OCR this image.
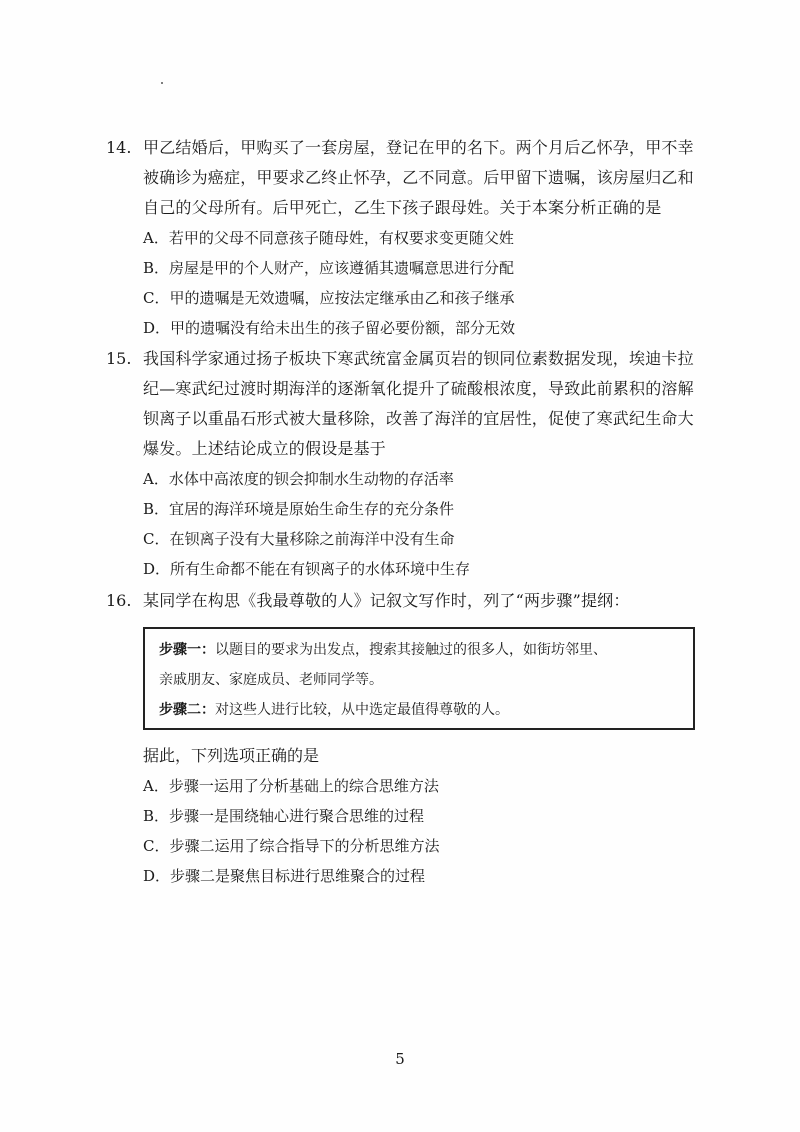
14. 甲乙结婚后，甲购买了一套房屋，登记在甲的名下。两个月后乙怀孕，甲不幸
被确诊为癌症，甲要求乙终止怀孕，乙不同意。后甲留下遗嘱，该房屋归乙和
自己的父母所有。后甲死亡，乙生下孩子跟母姓。关于本案分析正确的是
A．若甲的父母不同意孩子随母姓，有权要求变更随父姓
B．房屋是甲的个人财产，应该遵循其遗嘱意思进行分配
C．甲的遗嘱是无效遗嘱，应按法定继承由乙和孩子继承
D．甲的遗嘱没有给未出生的孩子留必要份额，部分无效
15. 我国科学家通过扬子板块下寒武统富金属页岩的钡同位素数据发现，埃迪卡拉
纪—寒武纪过渡时期海洋的逐渐氧化提升了硫酸根浓度，导致此前累积的溶解
钡离子以重晶石形式被大量移除，改善了海洋的宜居性，促使了寒武纪生命大
爆发。上述结论成立的假设是基于
A．水体中高浓度的钡会抑制水生动物的存活率
B．宜居的海洋环境是原始生命生存的充分条件
C．在钡离子没有大量移除之前海洋中没有生命
D．所有生命都不能在有钡离子的水体环境中生存
16. 某同学在构思《我最尊敬的人》记叙文写作时，列了“两步骤”提纲：
步骤一：以题目的要求为出发点，搜索其接触过的很多人，如街坊邻里、
亲戚朋友、家庭成员、老师同学等。
步骤二：对这些人进行比较，从中选定最值得尊敬的人。
据此，下列选项正确的是
A．步骤一运用了分析基础上的综合思维方法
B．步骤一是围绕轴心进行聚合思维的过程
C．步骤二运用了综合指导下的分析思维方法
D．步骤二是聚焦目标进行思维聚合的过程
5
